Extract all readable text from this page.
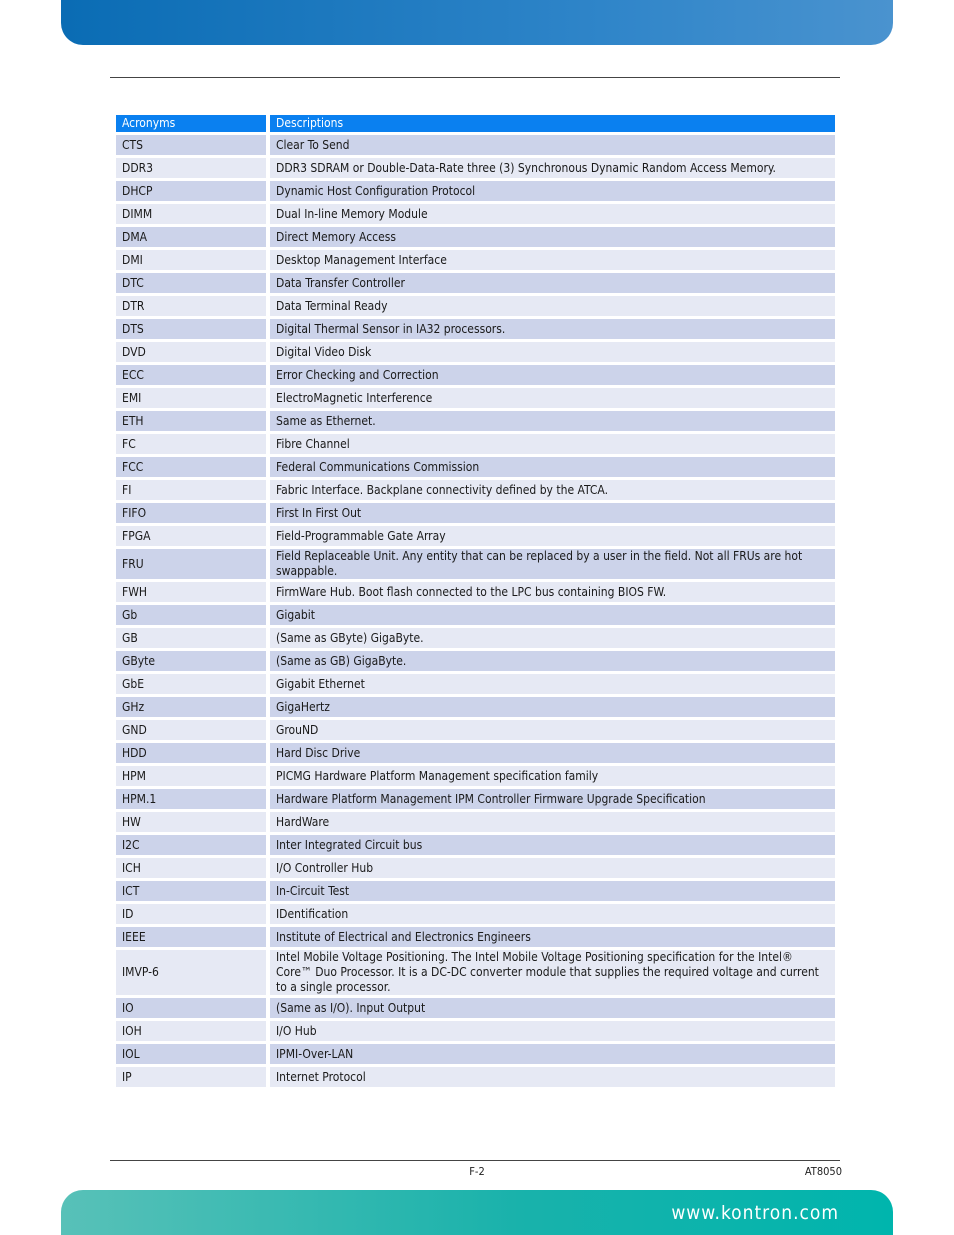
Acronyms	Descriptions
CTS	Clear To Send
DDR3	DDR3 SDRAM or Double-Data-Rate three (3) Synchronous Dynamic Random Access Memory.
DHCP	Dynamic Host Configuration Protocol
DIMM	Dual In-line Memory Module
DMA	Direct Memory Access
DMI	Desktop Management Interface
DTC	Data Transfer Controller
DTR	Data Terminal Ready
DTS	Digital Thermal Sensor in IA32 processors.
DVD	Digital Video Disk
ECC	Error Checking and Correction
EMI	ElectroMagnetic Interference
ETH	Same as Ethernet.
FC	Fibre Channel
FCC	Federal Communications Commission
FI	Fabric Interface. Backplane connectivity defined by the ATCA.
FIFO	First In First Out
FPGA	Field-Programmable Gate Array
FRU	Field Replaceable Unit. Any entity that can be replaced by a user in the field. Not all FRUs are hot swappable.
FWH	FirmWare Hub. Boot flash connected to the LPC bus containing BIOS FW.
Gb	Gigabit
GB	(Same as GByte) GigaByte.
GByte	(Same as GB) GigaByte.
GbE	Gigabit Ethernet
GHz	GigaHertz
GND	GrouND
HDD	Hard Disc Drive
HPM	PICMG Hardware Platform Management specification family
HPM.1	Hardware Platform Management IPM Controller Firmware Upgrade Specification
HW	HardWare
I2C	Inter Integrated Circuit bus
ICH	I/O Controller Hub
ICT	In-Circuit Test
ID	IDentification
IEEE	Institute of Electrical and Electronics Engineers
IMVP-6	Intel Mobile Voltage Positioning. The Intel Mobile Voltage Positioning specification for the Intel® Core™ Duo Processor. It is a DC-DC converter module that supplies the required voltage and current to a single processor.
IO	(Same as I/O). Input Output
IOH	I/O Hub
IOL	IPMI-Over-LAN
IP	Internet Protocol
F-2	AT8050
www.kontron.com
